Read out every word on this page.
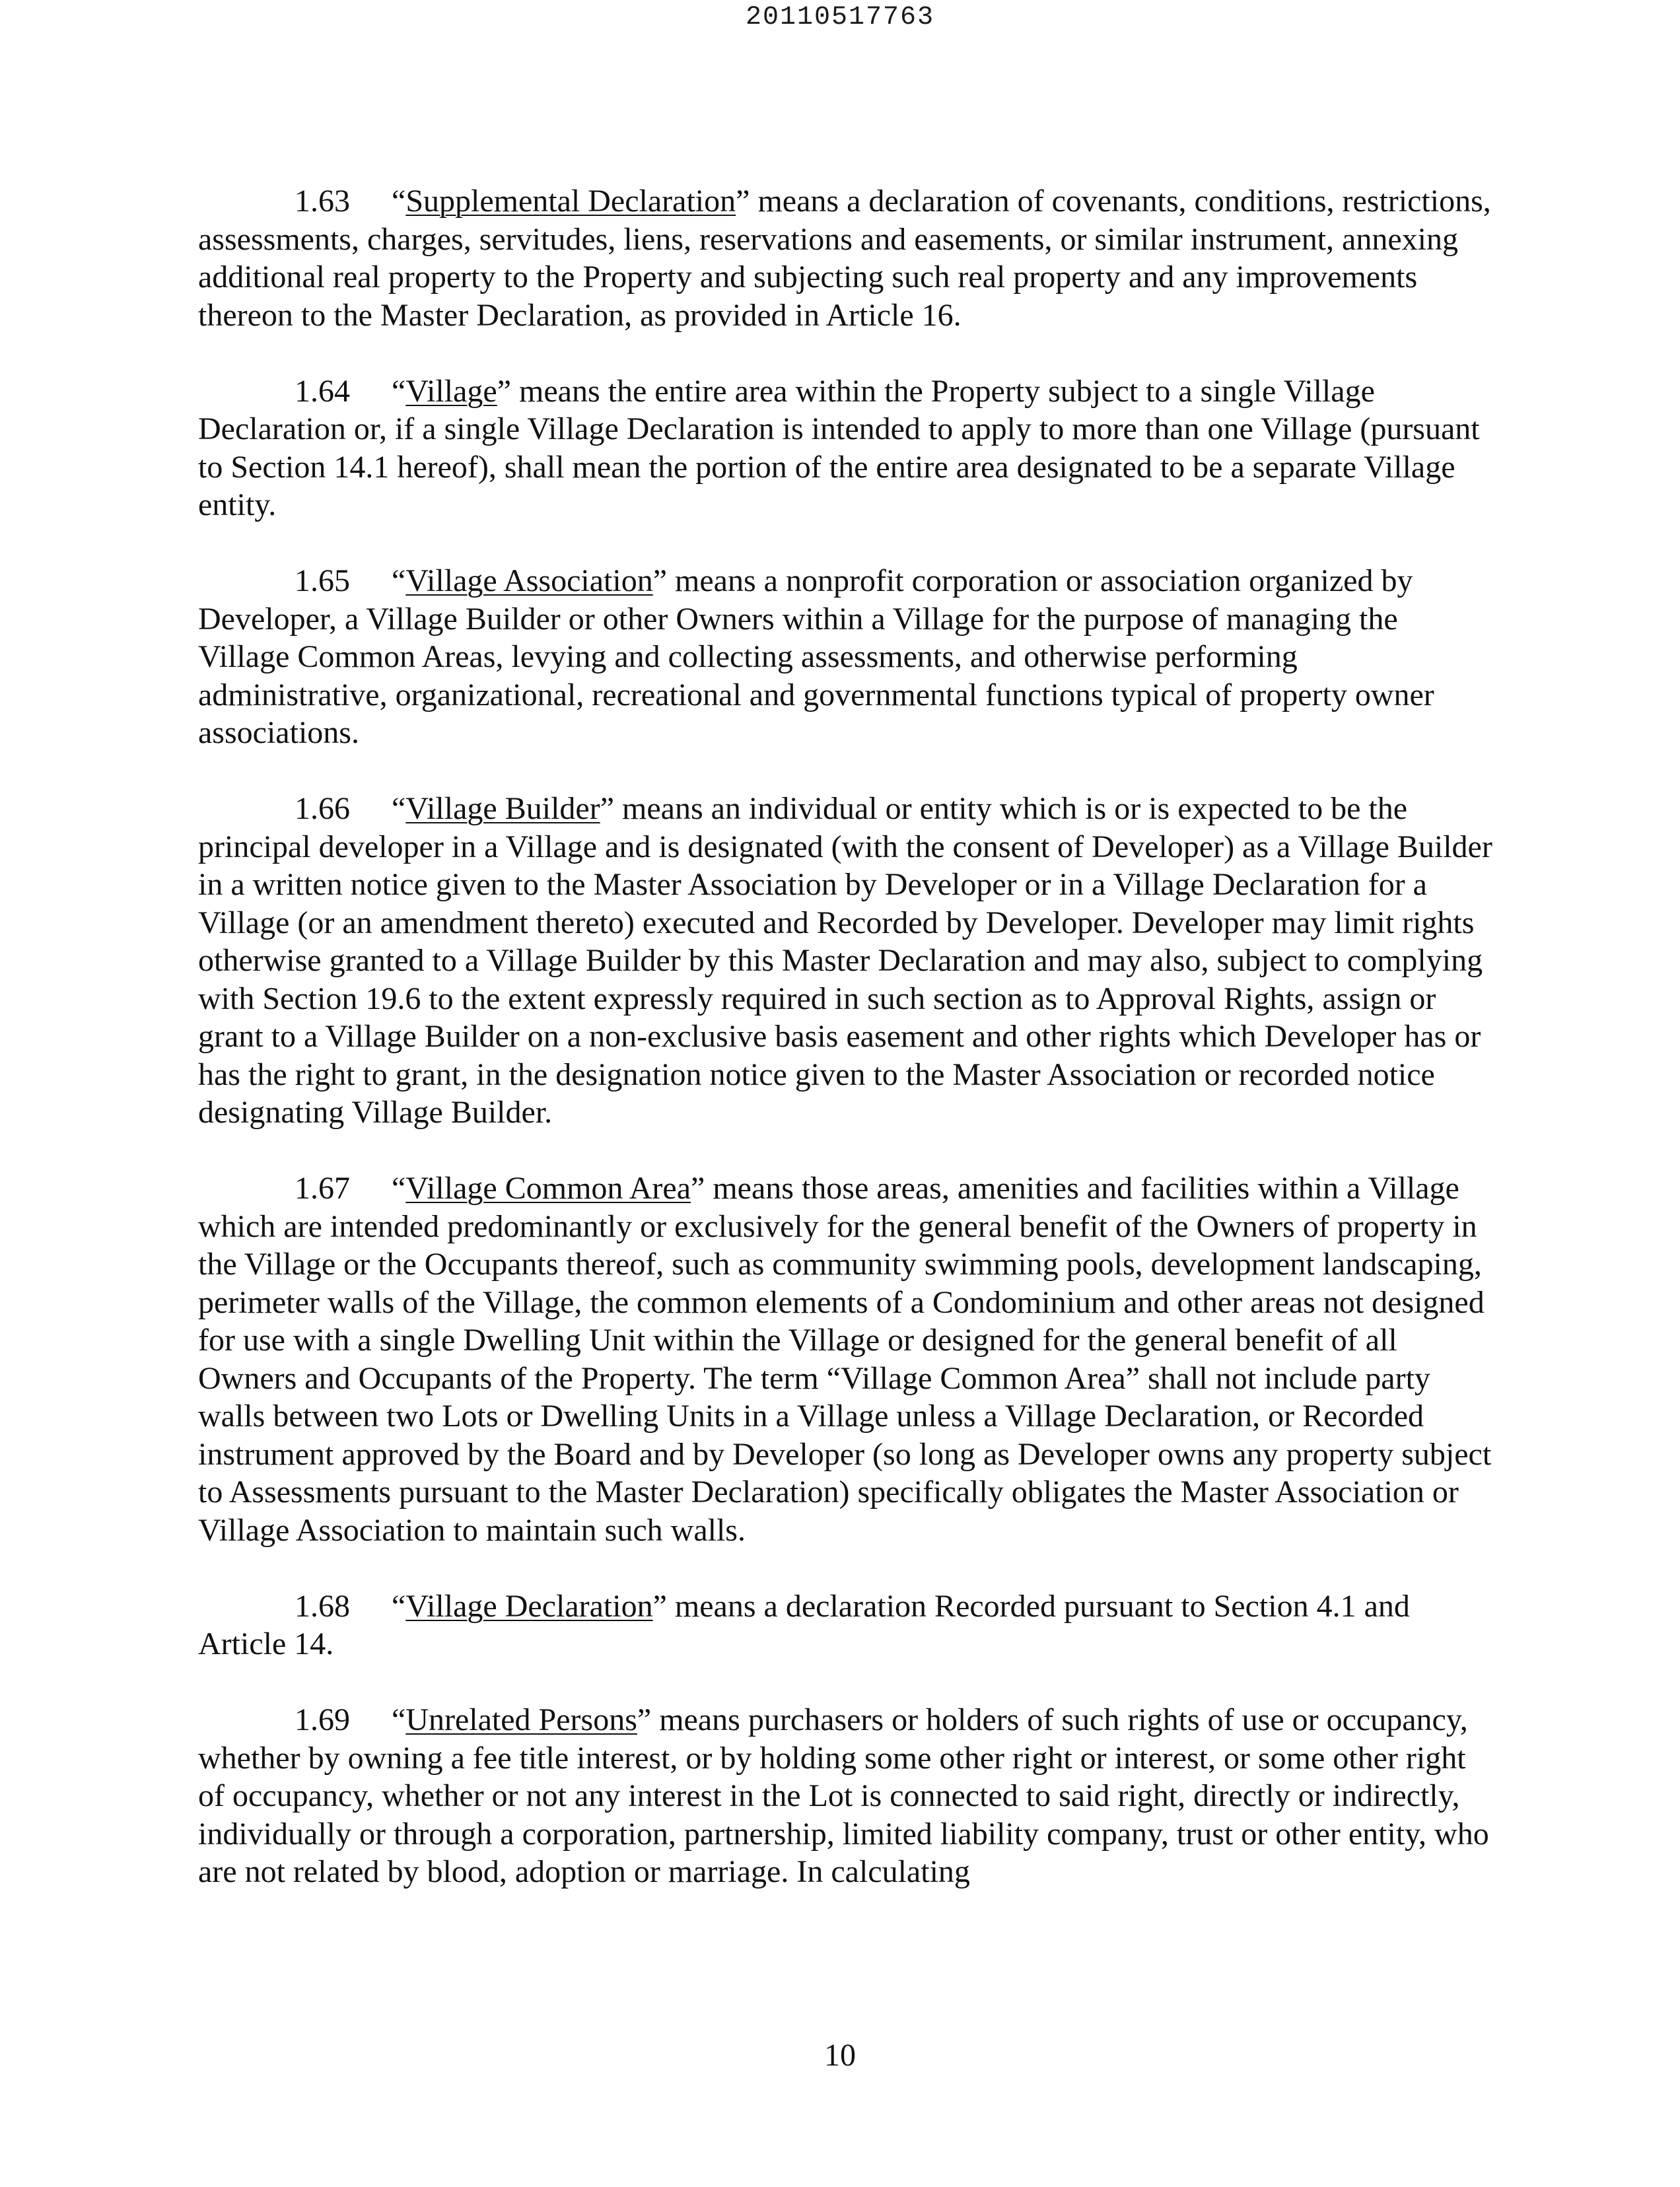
20110517763

1.63 “Supplemental Declaration” means a declaration of covenants, conditions, restrictions, assessments, charges, servitudes, liens, reservations and easements, or similar instrument, annexing additional real property to the Property and subjecting such real property and any improvements thereon to the Master Declaration, as provided in Article 16.

1.64 “Village” means the entire area within the Property subject to a single Village Declaration or, if a single Village Declaration is intended to apply to more than one Village (pursuant to Section 14.1 hereof), shall mean the portion of the entire area designated to be a separate Village entity.

1.65 “Village Association” means a nonprofit corporation or association organized by Developer, a Village Builder or other Owners within a Village for the purpose of managing the Village Common Areas, levying and collecting assessments, and otherwise performing administrative, organizational, recreational and governmental functions typical of property owner associations.

1.66 “Village Builder” means an individual or entity which is or is expected to be the principal developer in a Village and is designated (with the consent of Developer) as a Village Builder in a written notice given to the Master Association by Developer or in a Village Declaration for a Village (or an amendment thereto) executed and Recorded by Developer. Developer may limit rights otherwise granted to a Village Builder by this Master Declaration and may also, subject to complying with Section 19.6 to the extent expressly required in such section as to Approval Rights, assign or grant to a Village Builder on a non-exclusive basis easement and other rights which Developer has or has the right to grant, in the designation notice given to the Master Association or recorded notice designating Village Builder.

1.67 “Village Common Area” means those areas, amenities and facilities within a Village which are intended predominantly or exclusively for the general benefit of the Owners of property in the Village or the Occupants thereof, such as community swimming pools, development landscaping, perimeter walls of the Village, the common elements of a Condominium and other areas not designed for use with a single Dwelling Unit within the Village or designed for the general benefit of all Owners and Occupants of the Property. The term “Village Common Area” shall not include party walls between two Lots or Dwelling Units in a Village unless a Village Declaration, or Recorded instrument approved by the Board and by Developer (so long as Developer owns any property subject to Assessments pursuant to the Master Declaration) specifically obligates the Master Association or Village Association to maintain such walls.

1.68 “Village Declaration” means a declaration Recorded pursuant to Section 4.1 and Article 14.

1.69 “Unrelated Persons” means purchasers or holders of such rights of use or occupancy, whether by owning a fee title interest, or by holding some other right or interest, or some other right of occupancy, whether or not any interest in the Lot is connected to said right, directly or indirectly, individually or through a corporation, partnership, limited liability company, trust or other entity, who are not related by blood, adoption or marriage. In calculating

10
